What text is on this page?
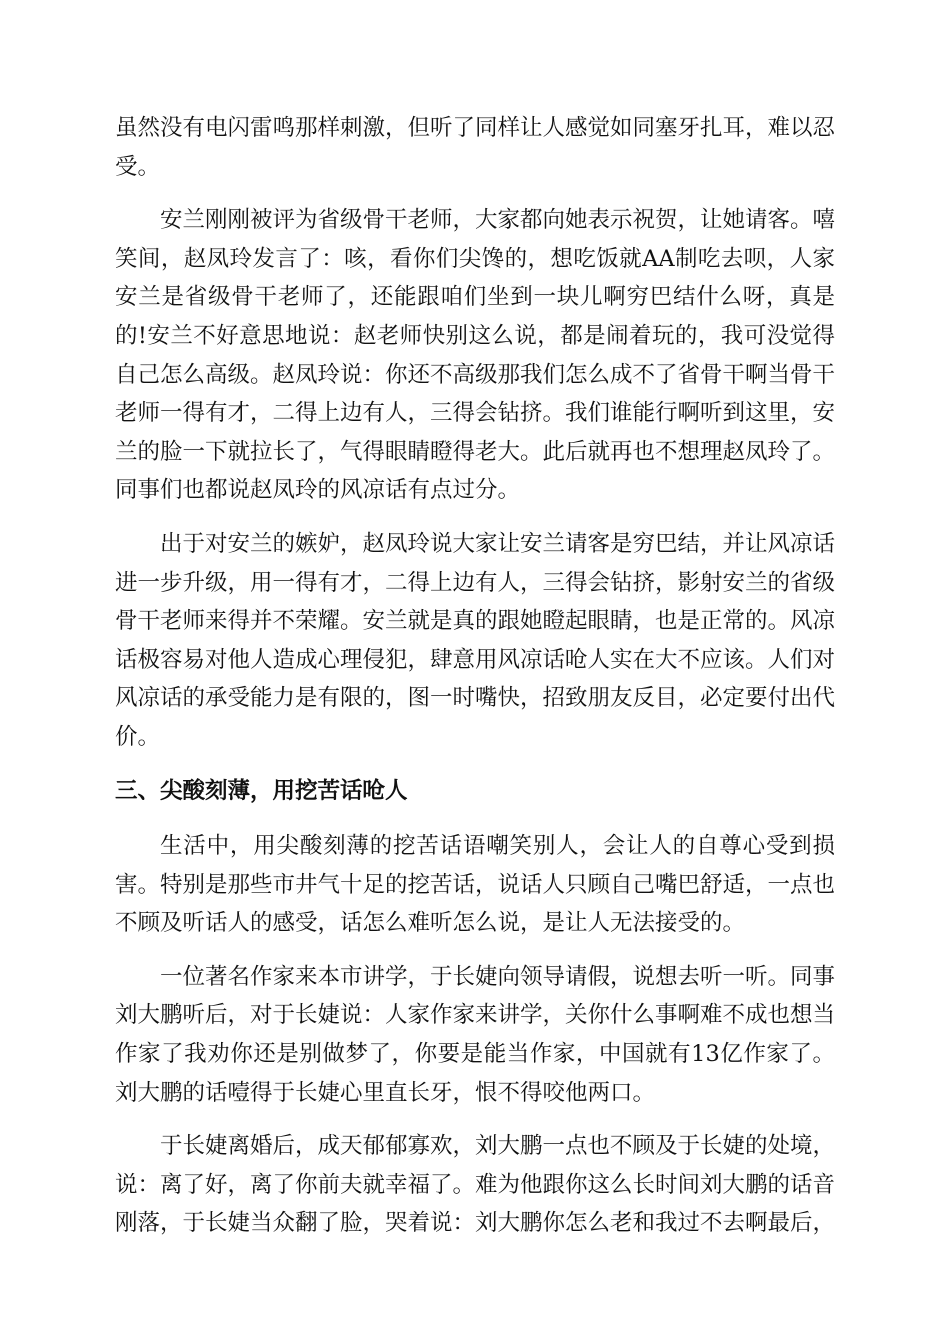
虽然没有电闪雷鸣那样刺激，但听了同样让人感觉如同塞牙扎耳，难以忍受。

安兰刚刚被评为省级骨干老师，大家都向她表示祝贺，让她请客。嘻笑间，赵凤玲发言了：咳，看你们尖馋的，想吃饭就AA制吃去呗，人家安兰是省级骨干老师了，还能跟咱们坐到一块儿啊穷巴结什么呀，真是的!安兰不好意思地说：赵老师快别这么说，都是闹着玩的，我可没觉得自己怎么高级。赵凤玲说：你还不高级那我们怎么成不了省骨干啊当骨干老师一得有才，二得上边有人，三得会钻挤。我们谁能行啊听到这里，安兰的脸一下就拉长了，气得眼睛瞪得老大。此后就再也不想理赵凤玲了。同事们也都说赵凤玲的风凉话有点过分。

出于对安兰的嫉妒，赵凤玲说大家让安兰请客是穷巴结，并让风凉话进一步升级，用一得有才，二得上边有人，三得会钻挤，影射安兰的省级骨干老师来得并不荣耀。安兰就是真的跟她瞪起眼睛，也是正常的。风凉话极容易对他人造成心理侵犯，肆意用风凉话呛人实在大不应该。人们对风凉话的承受能力是有限的，图一时嘴快，招致朋友反目，必定要付出代价。

三、尖酸刻薄，用挖苦话呛人

生活中，用尖酸刻薄的挖苦话语嘲笑别人，会让人的自尊心受到损害。特别是那些市井气十足的挖苦话，说话人只顾自己嘴巴舒适，一点也不顾及听话人的感受，话怎么难听怎么说，是让人无法接受的。

一位著名作家来本市讲学，于长婕向领导请假，说想去听一听。同事刘大鹏听后，对于长婕说：人家作家来讲学，关你什么事啊难不成也想当作家了我劝你还是别做梦了，你要是能当作家，中国就有13亿作家了。刘大鹏的话噎得于长婕心里直长牙，恨不得咬他两口。

于长婕离婚后，成天郁郁寡欢，刘大鹏一点也不顾及于长婕的处境，说：离了好，离了你前夫就幸福了。难为他跟你这么长时间刘大鹏的话音刚落，于长婕当众翻了脸，哭着说：刘大鹏你怎么老和我过不去啊最后，
